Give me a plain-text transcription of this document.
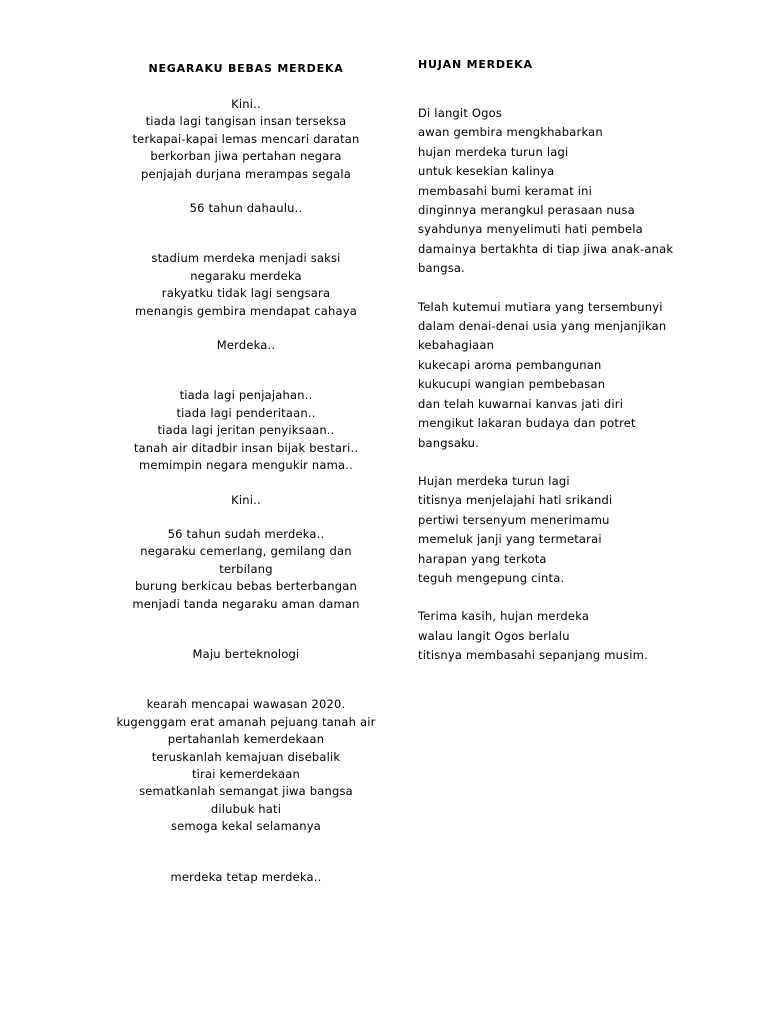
NEGARAKU BEBAS MERDEKA

Kini..
tiada lagi tangisan insan terseksa
terkapai-kapai lemas mencari daratan
berkorban jiwa pertahan negara
penjajah durjana merampas segala
56 tahun dahaulu..
stadium merdeka menjadi saksi
negaraku merdeka
rakyatku tidak lagi sengsara
menangis gembira mendapat cahaya
Merdeka..
tiada lagi penjajahan..
tiada lagi penderitaan..
tiada lagi jeritan penyiksaan..
tanah air ditadbir insan bijak bestari..
memimpin negara mengukir nama..
Kini..
56 tahun sudah merdeka..
negaraku cemerlang, gemilang dan terbilang
burung berkicau bebas berterbangan
menjadi tanda negaraku aman daman
Maju berteknologi
kearah mencapai wawasan 2020.
kugenggam erat amanah pejuang tanah air
pertahanlah kemerdekaan
teruskanlah kemajuan disebalik tirai kemerdekaan
sematkanlah semangat jiwa bangsa dilubuk hati
semoga kekal selamanya
merdeka tetap merdeka..

HUJAN MERDEKA

Di langit Ogos
awan gembira mengkhabarkan
hujan merdeka turun lagi
untuk kesekian kalinya
membasahi bumi keramat ini
dinginnya merangkul perasaan nusa
syahdunya menyelimuti hati pembela
damainya bertakhta di tiap jiwa anak-anak
bangsa.
Telah kutemui mutiara yang tersembunyi
dalam denai-denai usia yang menjanjikan
kebahagiaan
kukecapi aroma pembangunan
kukucupi wangian pembebasan
dan telah kuwarnai kanvas jati diri
mengikut lakaran budaya dan potret
bangsaku.
Hujan merdeka turun lagi
titisnya menjelajahi hati srikandi
pertiwi tersenyum menerimamu
memeluk janji yang termetarai
harapan yang terkota
teguh mengepung cinta.
Terima kasih, hujan merdeka
walau langit Ogos berlalu
titisnya membasahi sepanjang musim.
